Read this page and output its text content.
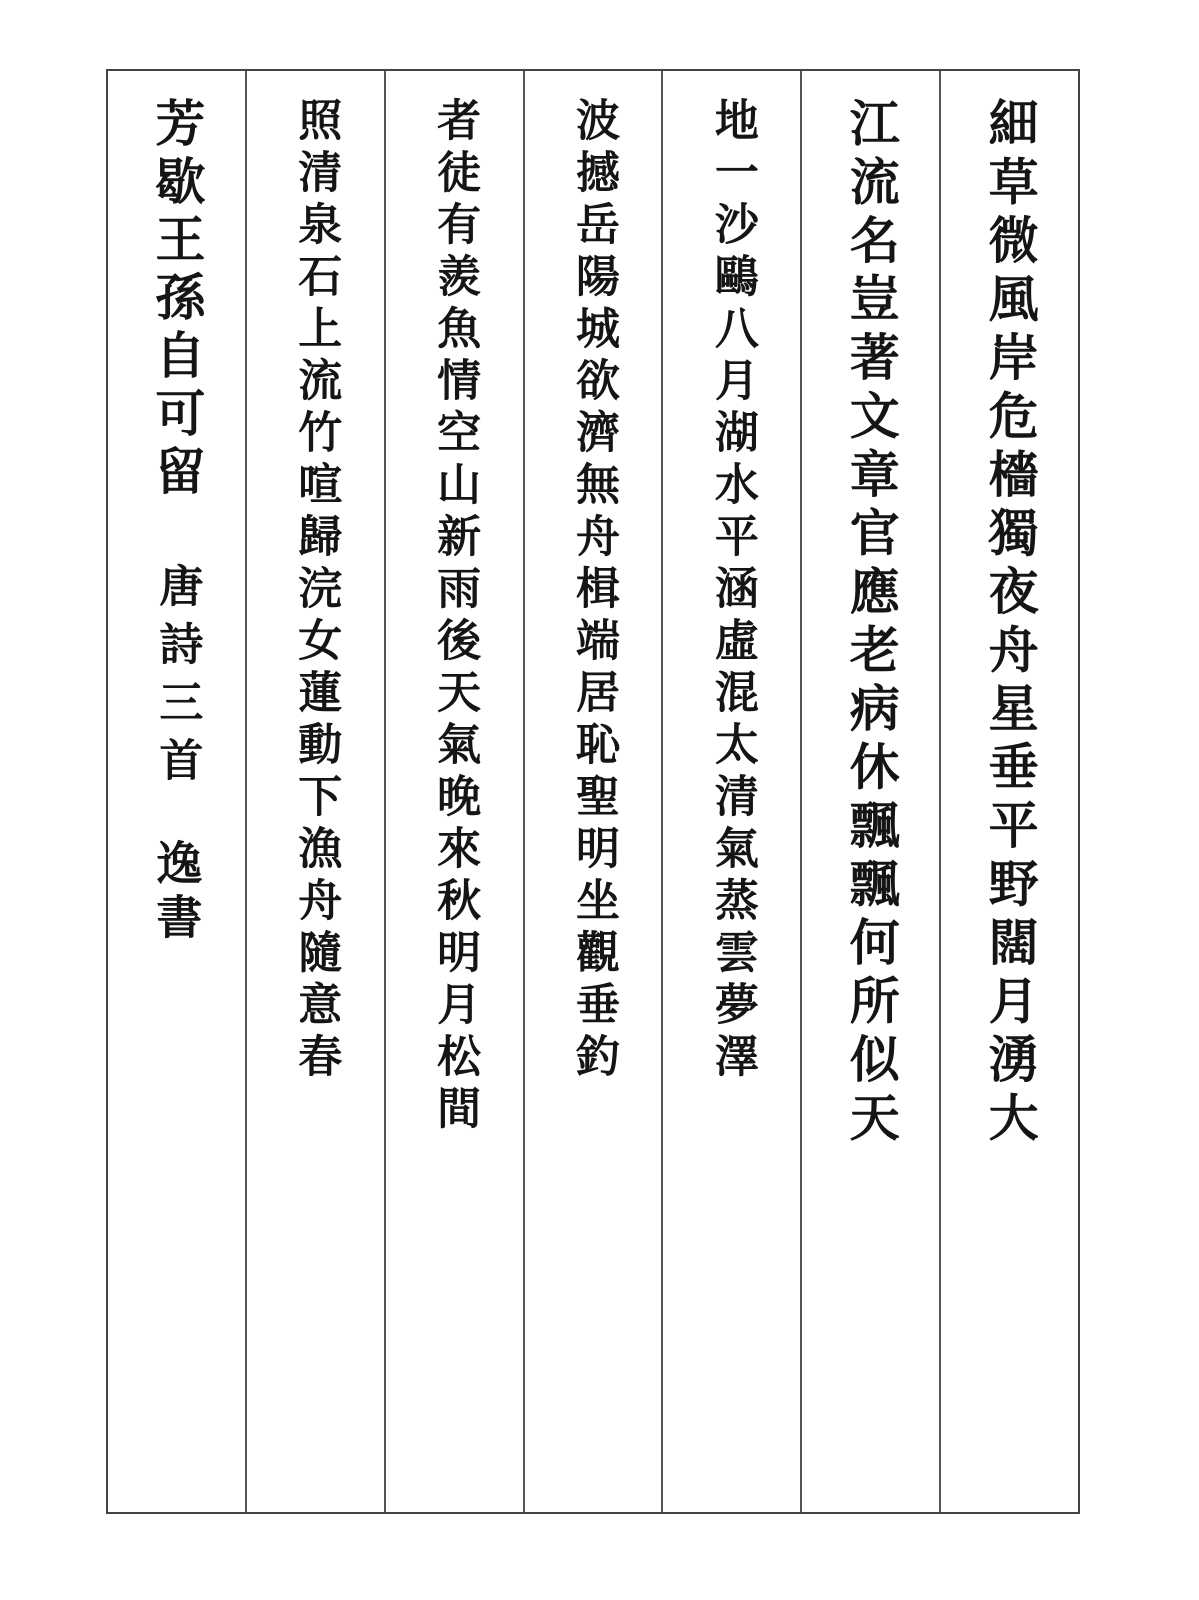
細草微風岸危檣獨夜舟星垂平野闊月湧大
江流名豈著文章官應老病休飄飄何所似天
地一沙鷗八月湖水平涵虛混太清氣蒸雲夢澤
波撼岳陽城欲濟無舟楫端居恥聖明坐觀垂釣
者徒有羨魚情空山新雨後天氣晚來秋明月松間
照清泉石上流竹喧歸浣女蓮動下漁舟隨意春
芳歇王孫自可留
唐詩三首
逸書
